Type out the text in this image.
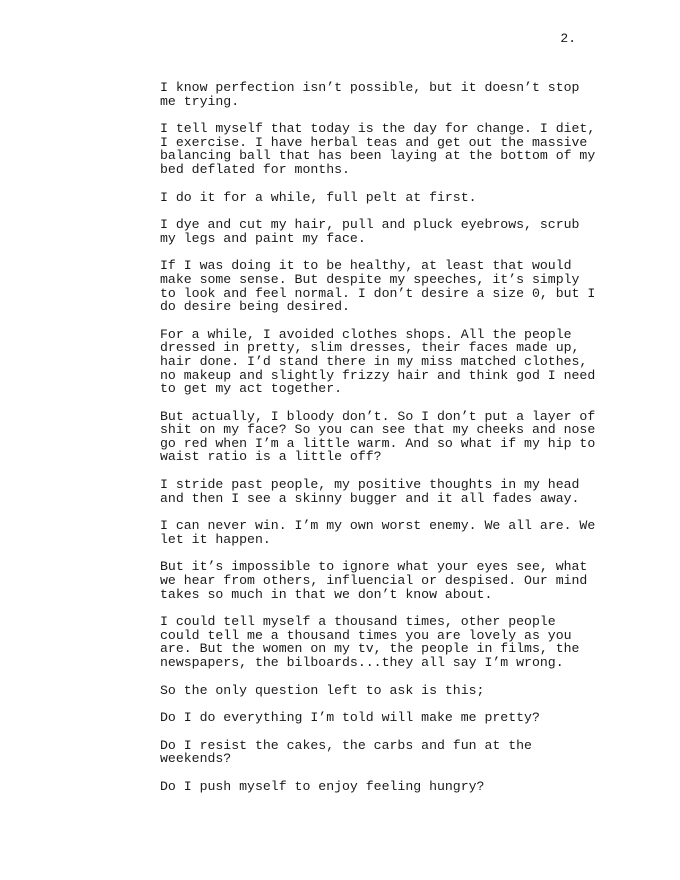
2.

I know perfection isn’t possible, but it doesn’t stop
me trying.

I tell myself that today is the day for change. I diet,
I exercise. I have herbal teas and get out the massive
balancing ball that has been laying at the bottom of my
bed deflated for months.

I do it for a while, full pelt at first.

I dye and cut my hair, pull and pluck eyebrows, scrub
my legs and paint my face.

If I was doing it to be healthy, at least that would
make some sense. But despite my speeches, it’s simply
to look and feel normal. I don’t desire a size 0, but I
do desire being desired.

For a while, I avoided clothes shops. All the people
dressed in pretty, slim dresses, their faces made up,
hair done. I’d stand there in my miss matched clothes,
no makeup and slightly frizzy hair and think god I need
to get my act together.

But actually, I bloody don’t. So I don’t put a layer of
shit on my face? So you can see that my cheeks and nose
go red when I’m a little warm. And so what if my hip to
waist ratio is a little off?

I stride past people, my positive thoughts in my head
and then I see a skinny bugger and it all fades away.

I can never win. I’m my own worst enemy. We all are. We
let it happen.

But it’s impossible to ignore what your eyes see, what
we hear from others, influencial or despised. Our mind
takes so much in that we don’t know about.

I could tell myself a thousand times, other people
could tell me a thousand times you are lovely as you
are. But the women on my tv, the people in films, the
newspapers, the bilboards...they all say I’m wrong.

So the only question left to ask is this;

Do I do everything I’m told will make me pretty?

Do I resist the cakes, the carbs and fun at the
weekends?

Do I push myself to enjoy feeling hungry?
